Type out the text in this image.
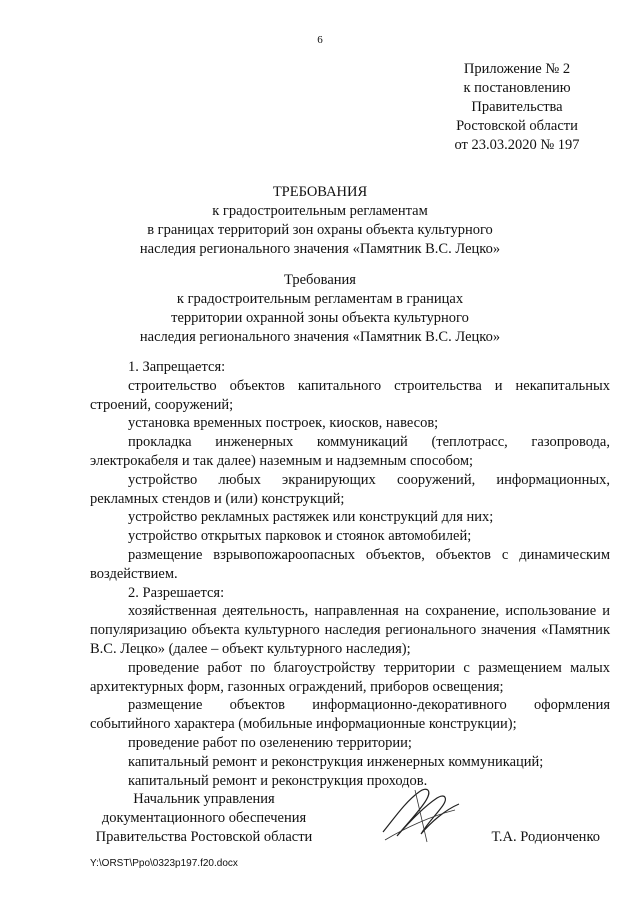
6
Приложение № 2
к постановлению
Правительства
Ростовской области
от 23.03.2020 № 197
ТРЕБОВАНИЯ
к градостроительным регламентам
в границах территорий зон охраны объекта культурного
наследия регионального значения «Памятник В.С. Лецко»
Требования
к градостроительным регламентам в границах
территории охранной зоны объекта культурного
наследия регионального значения «Памятник В.С. Лецко»

1. Запрещается:

строительство объектов капитального строительства и некапитальных строений, сооружений;

установка временных построек, киосков, навесов;

прокладка инженерных коммуникаций (теплотрасс, газопровода, электрокабеля и так далее) наземным и надземным способом;

устройство любых экранирующих сооружений, информационных, рекламных стендов и (или) конструкций;

устройство рекламных растяжек или конструкций для них;

устройство открытых парковок и стоянок автомобилей;

размещение взрывопожароопасных объектов, объектов с динамическим воздействием.

2. Разрешается:

хозяйственная деятельность, направленная на сохранение, использование и популяризацию объекта культурного наследия регионального значения «Памятник В.С. Лецко» (далее – объект культурного наследия);

проведение работ по благоустройству территории с размещением малых архитектурных форм, газонных ограждений, приборов освещения;

размещение объектов информационно-декоративного оформления событийного характера (мобильные информационные конструкции);

проведение работ по озеленению территории;

капитальный ремонт и реконструкция инженерных коммуникаций;

капитальный ремонт и реконструкция проходов.

Начальник управления
документационного обеспечения
Правительства Ростовской области	Т.А. Родионченко
Y:\ORST\Ppo\0323p197.f20.docx
